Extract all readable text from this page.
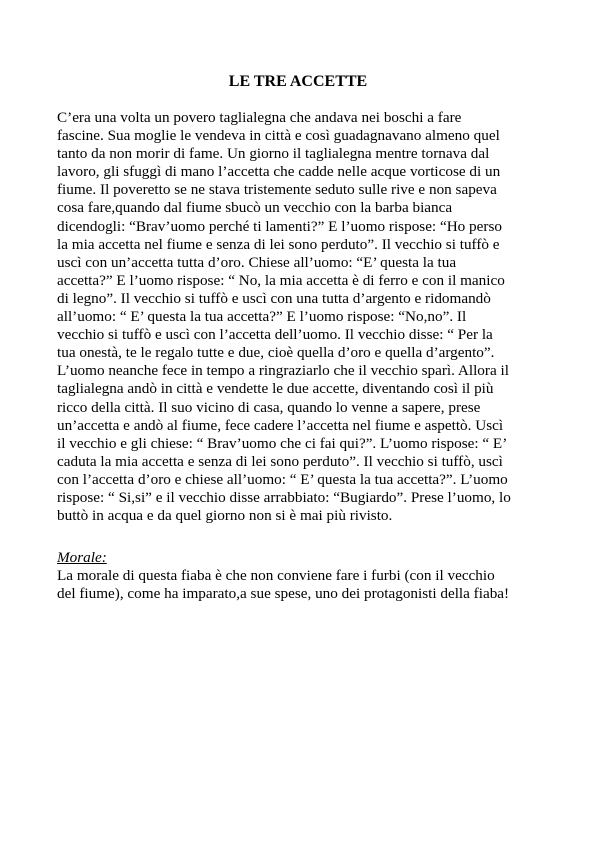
LE TRE ACCETTE

C’era una volta un povero taglialegna che andava nei boschi a fare
fascine. Sua moglie le vendeva in città e così guadagnavano almeno quel
tanto da non morir di fame. Un giorno il taglialegna mentre tornava dal
lavoro, gli sfuggì di mano l’accetta che cadde nelle acque vorticose di un
fiume. Il poveretto se ne stava tristemente seduto sulle rive e non sapeva
cosa fare,quando dal fiume sbucò un vecchio con la barba bianca
dicendogli: “Brav’uomo perché ti lamenti?” E l’uomo rispose: “Ho perso
la mia accetta nel fiume e senza di lei sono perduto”. Il vecchio si tuffò e
uscì con un’accetta tutta d’oro. Chiese all’uomo: “E’ questa la tua
accetta?” E l’uomo rispose: “ No, la mia accetta è di ferro e con il manico
di legno”. Il vecchio si tuffò e uscì con una tutta d’argento e ridomandò
all’uomo: “ E’ questa la tua accetta?” E l’uomo rispose: “No,no”. Il
vecchio si tuffò e uscì con l’accetta dell’uomo. Il vecchio disse: “ Per la
tua onestà, te le regalo tutte e due, cioè quella d’oro e quella d’argento”.
L’uomo neanche fece in tempo a ringraziarlo che il vecchio sparì. Allora il
taglialegna andò in città e vendette le due accette, diventando così il più
ricco della città. Il suo vicino di casa, quando lo venne a sapere, prese
un’accetta e andò al fiume, fece cadere l’accetta nel fiume e aspettò. Uscì
il vecchio e gli chiese: “ Brav’uomo che ci fai qui?”. L’uomo rispose: “ E’
caduta la mia accetta e senza di lei sono perduto”. Il vecchio si tuffò, uscì
con l’accetta d’oro e chiese all’uomo: “ E’ questa la tua accetta?”. L’uomo
rispose: “ Si,si” e il vecchio disse arrabbiato: “Bugiardo”. Prese l’uomo, lo
buttò in acqua e da quel giorno non si è mai più rivisto.

Morale:

La morale di questa fiaba è che non conviene fare i furbi (con il vecchio
del fiume), come ha imparato,a sue spese, uno dei protagonisti della fiaba!
